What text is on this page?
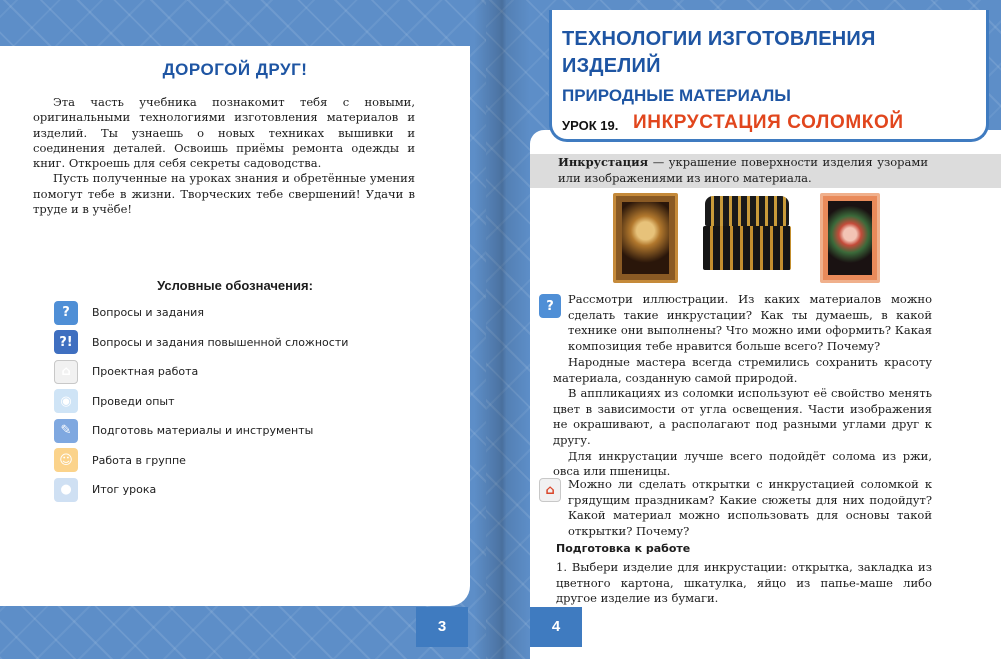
ДОРОГОЙ ДРУГ!

Эта часть учебника познакомит тебя с новыми, оригинальными технологиями изготовления материалов и изделий. Ты узнаешь о новых техниках вышивки и соединения деталей. Освоишь приёмы ремонта одежды и книг. Откроешь для себя секреты садоводства.

Пусть полученные на уроках знания и обретённые умения помогут тебе в жизни. Творческих тебе свершений! Удачи в труде и в учёбе!

Условные обозначения:
?	Вопросы и задания
?!	Вопросы и задания повышенной сложности
⌂	Проектная работа
◉	Проведи опыт
✎	Подготовь материалы и инструменты
☺	Работа в группе
●	Итог урока
3
ТЕХНОЛОГИИ ИЗГОТОВЛЕНИЯ
ИЗДЕЛИЙ
ПРИРОДНЫЕ МАТЕРИАЛЫ
УРОК 19. ИНКРУСТАЦИЯ СОЛОМКОЙ
Инкрустация — украшение поверхности изделия узорами или изображениями из иного материала.
?	Рассмотри иллюстрации. Из каких материалов можно сделать такие инкрустации? Как ты думаешь, в какой технике они выполнены? Что можно ими оформить? Какая композиция тебе нравится больше всего? Почему?

Народные мастера всегда стремились сохранить красоту материала, созданную самой природой.

В аппликациях из соломки используют её свойство менять цвет в зависимости от угла освещения. Части изображения не окрашивают, а располагают под разными углами друг к другу.

Для инкрустации лучше всего подойдёт солома из ржи, овса или пшеницы.

⌂	Можно ли сделать открытки с инкрустацией соломкой к грядущим праздникам? Какие сюжеты для них подойдут? Какой материал можно использовать для основы такой открытки? Почему?
Подготовка к работе
1. Выбери изделие для инкрустации: открытка, закладка из цветного картона, шкатулка, яйцо из папье-маше либо другое изделие из бумаги.
4
